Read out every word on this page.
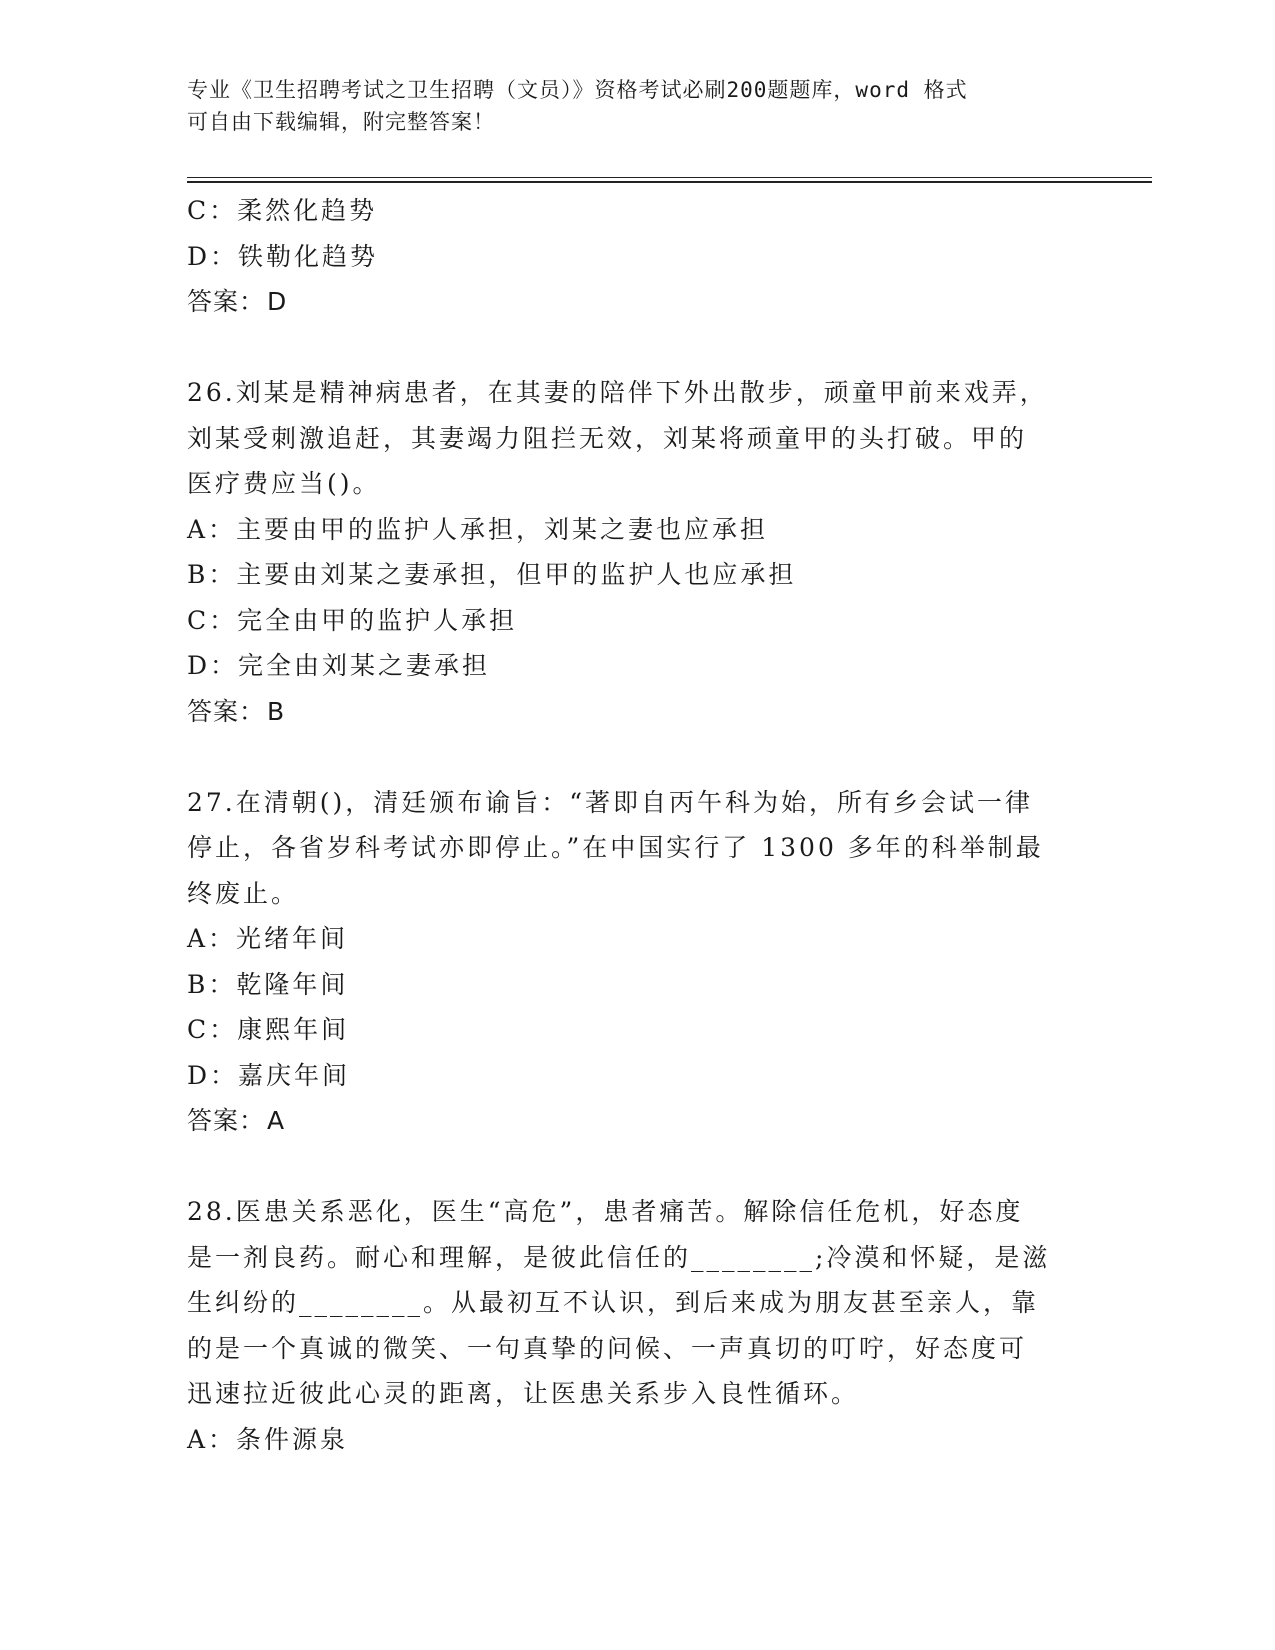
专业《卫生招聘考试之卫生招聘（文员）》资格考试必刷200题题库，word 格式
可自由下载编辑，附完整答案！
C：柔然化趋势
D：铁勒化趋势
答案：D
26.刘某是精神病患者，在其妻的陪伴下外出散步，顽童甲前来戏弄，
刘某受刺激追赶，其妻竭力阻拦无效，刘某将顽童甲的头打破。甲的
医疗费应当()。
A：主要由甲的监护人承担，刘某之妻也应承担
B：主要由刘某之妻承担，但甲的监护人也应承担
C：完全由甲的监护人承担
D：完全由刘某之妻承担
答案：B
27.在清朝()，清廷颁布谕旨：“著即自丙午科为始，所有乡会试一律
停止，各省岁科考试亦即停止。”在中国实行了 1300 多年的科举制最
终废止。
A：光绪年间
B：乾隆年间
C：康熙年间
D：嘉庆年间
答案：A
28.医患关系恶化，医生“高危”，患者痛苦。解除信任危机，好态度
是一剂良药。耐心和理解，是彼此信任的________;冷漠和怀疑，是滋
生纠纷的________。从最初互不认识，到后来成为朋友甚至亲人，靠
的是一个真诚的微笑、一句真挚的问候、一声真切的叮咛，好态度可
迅速拉近彼此心灵的距离，让医患关系步入良性循环。
A：条件源泉
